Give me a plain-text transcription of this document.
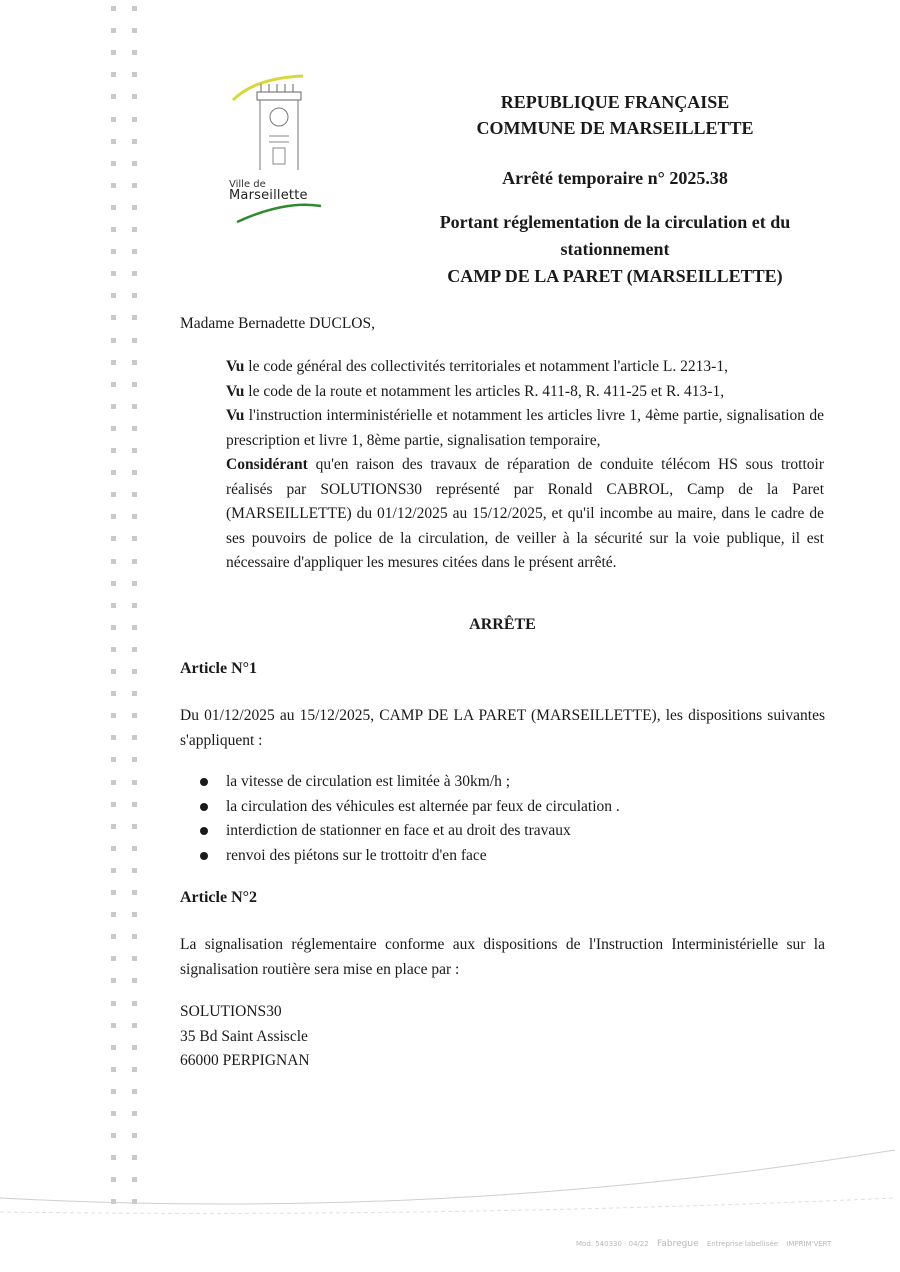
Ville de
Marseillette
REPUBLIQUE FRANÇAISE
COMMUNE DE MARSEILLETTE
Arrêté temporaire n° 2025.38
Portant réglementation de la circulation et du
stationnement
CAMP DE LA PARET (MARSEILLETTE)
Madame Bernadette DUCLOS,

Vu le code général des collectivités territoriales et notamment l'article L. 2213-1,

Vu le code de la route et notamment les articles R. 411-8, R. 411-25 et R. 413-1,

Vu l'instruction interministérielle et notamment les articles livre 1, 4ème partie, signalisation de prescription et livre 1, 8ème partie, signalisation temporaire,

Considérant qu'en raison des travaux de réparation de conduite télécom HS sous trottoir réalisés par SOLUTIONS30 représenté par Ronald CABROL, Camp de la Paret (MARSEILLETTE) du 01/12/2025 au 15/12/2025, et qu'il incombe au maire, dans le cadre de ses pouvoirs de police de la circulation, de veiller à la sécurité sur la voie publique, il est nécessaire d'appliquer les mesures citées dans le présent arrêté.

ARRÊTE
Article N°1
Du 01/12/2025 au 15/12/2025, CAMP DE LA PARET (MARSEILLETTE), les dispositions suivantes s'appliquent :
la vitesse de circulation est limitée à 30km/h ;
la circulation des véhicules est alternée par feux de circulation .
interdiction de stationner en face et au droit des travaux
renvoi des piétons sur le trottoitr d'en face
Article N°2
La signalisation réglementaire conforme aux dispositions de l'Instruction Interministérielle sur la signalisation routière sera mise en place par :
SOLUTIONS30
35 Bd Saint Assiscle
66000 PERPIGNAN
Mod. 540330 · 04/22 Fabregue Entreprise labellisée IMPRIM'VERT
